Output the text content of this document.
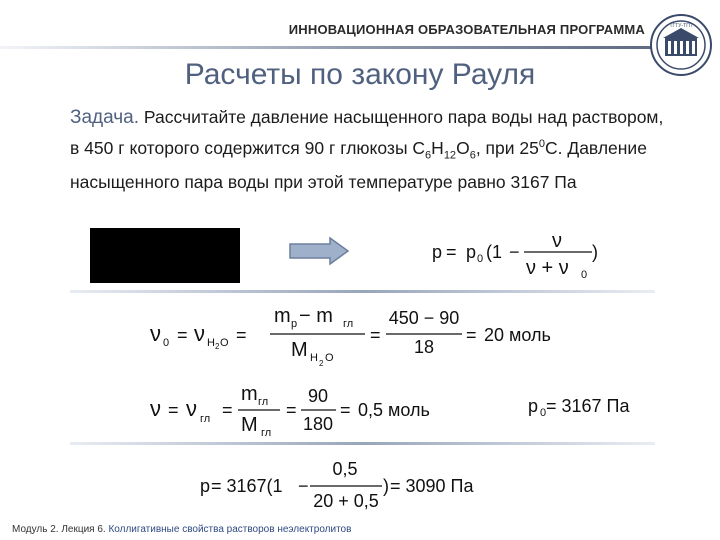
ИННОВАЦИОННАЯ ОБРАЗОВАТЕЛЬНАЯ ПРОГРАММА	ТГТУ-ТГП
Расчеты по закону Рауля
Задача. Рассчитайте давление насыщенного пара воды над раствором, в 450 г которого содержится 90 г глюкозы $C_6H_{12}O_6$, при $25^0С$. Давление насыщенного пара воды при этой температуре равно 3167 Па
p = p 0 (1 − ν
ν + ν 0
)
ν 0 = ν H 2 O =
m p − m гл
M H 2 O
=
450 − 90
18
= 20 моль
ν = ν гл =
m гл
M гл
=
90
180
= 0,5 моль	p 0 = 3167 Па
p = 3167(1 −
0,5
20 + 0,5
) = 3090 Па
Модуль 2. Лекция 6. Коллигативные свойства растворов неэлектролитов
